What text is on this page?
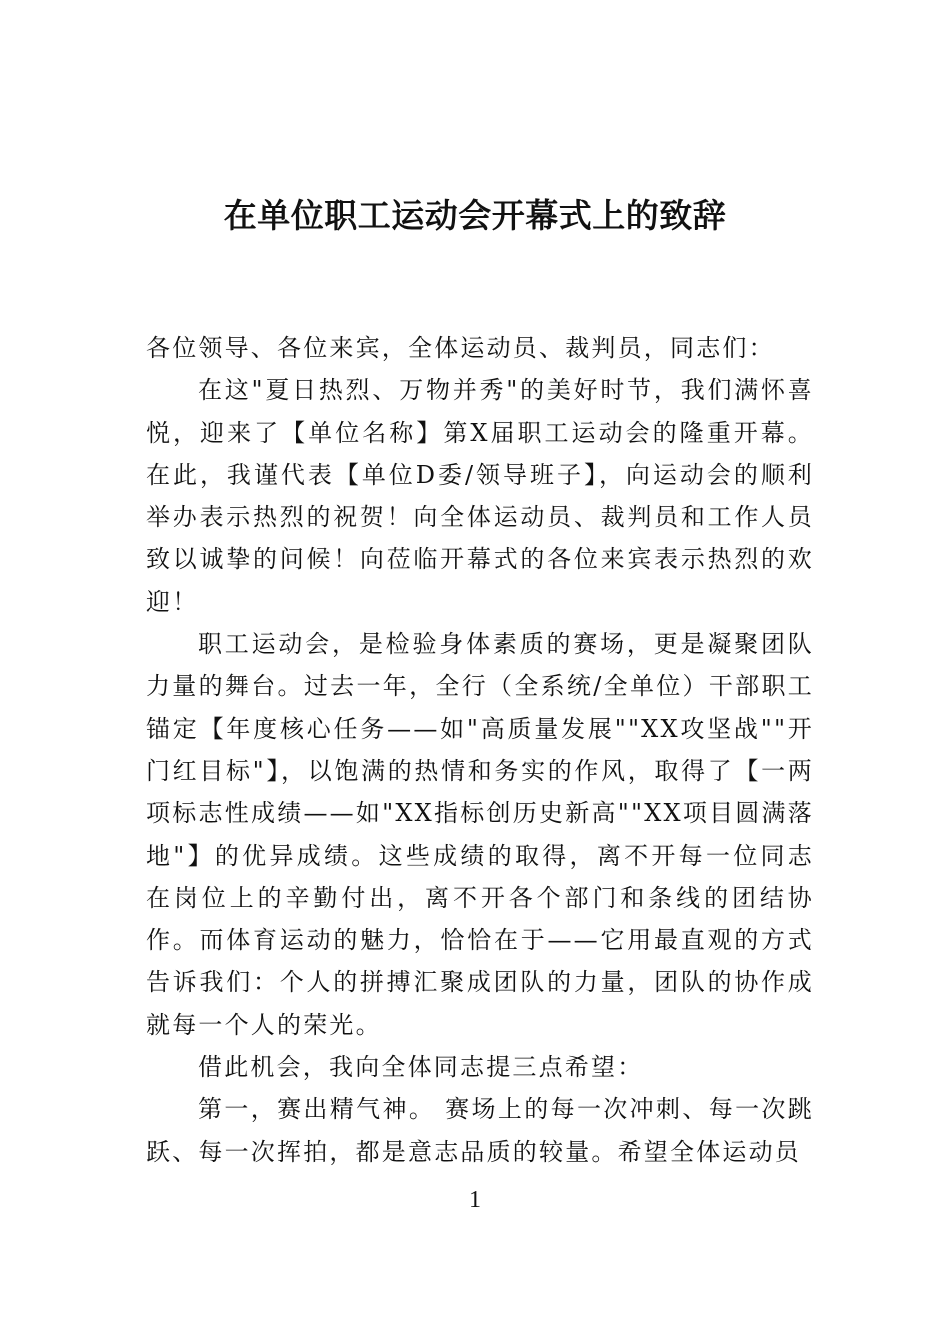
在单位职工运动会开幕式上的致辞

各位领导、各位来宾，全体运动员、裁判员，同志们：

在这"夏日热烈、万物并秀"的美好时节，我们满怀喜悦，迎来了【单位名称】第X届职工运动会的隆重开幕。在此，我谨代表【单位D委/领导班子】，向运动会的顺利举办表示热烈的祝贺！向全体运动员、裁判员和工作人员致以诚挚的问候！向莅临开幕式的各位来宾表示热烈的欢迎！

职工运动会，是检验身体素质的赛场，更是凝聚团队力量的舞台。过去一年，全行（全系统/全单位）干部职工锚定【年度核心任务——如"高质量发展""XX攻坚战""开门红目标"】，以饱满的热情和务实的作风，取得了【一两项标志性成绩——如"XX指标创历史新高""XX项目圆满落地"】的优异成绩。这些成绩的取得，离不开每一位同志在岗位上的辛勤付出，离不开各个部门和条线的团结协作。而体育运动的魅力，恰恰在于——它用最直观的方式告诉我们：个人的拼搏汇聚成团队的力量，团队的协作成就每一个人的荣光。

借此机会，我向全体同志提三点希望：

第一，赛出精气神。 赛场上的每一次冲刺、每一次跳跃、每一次挥拍，都是意志品质的较量。希望全体运动员

1
